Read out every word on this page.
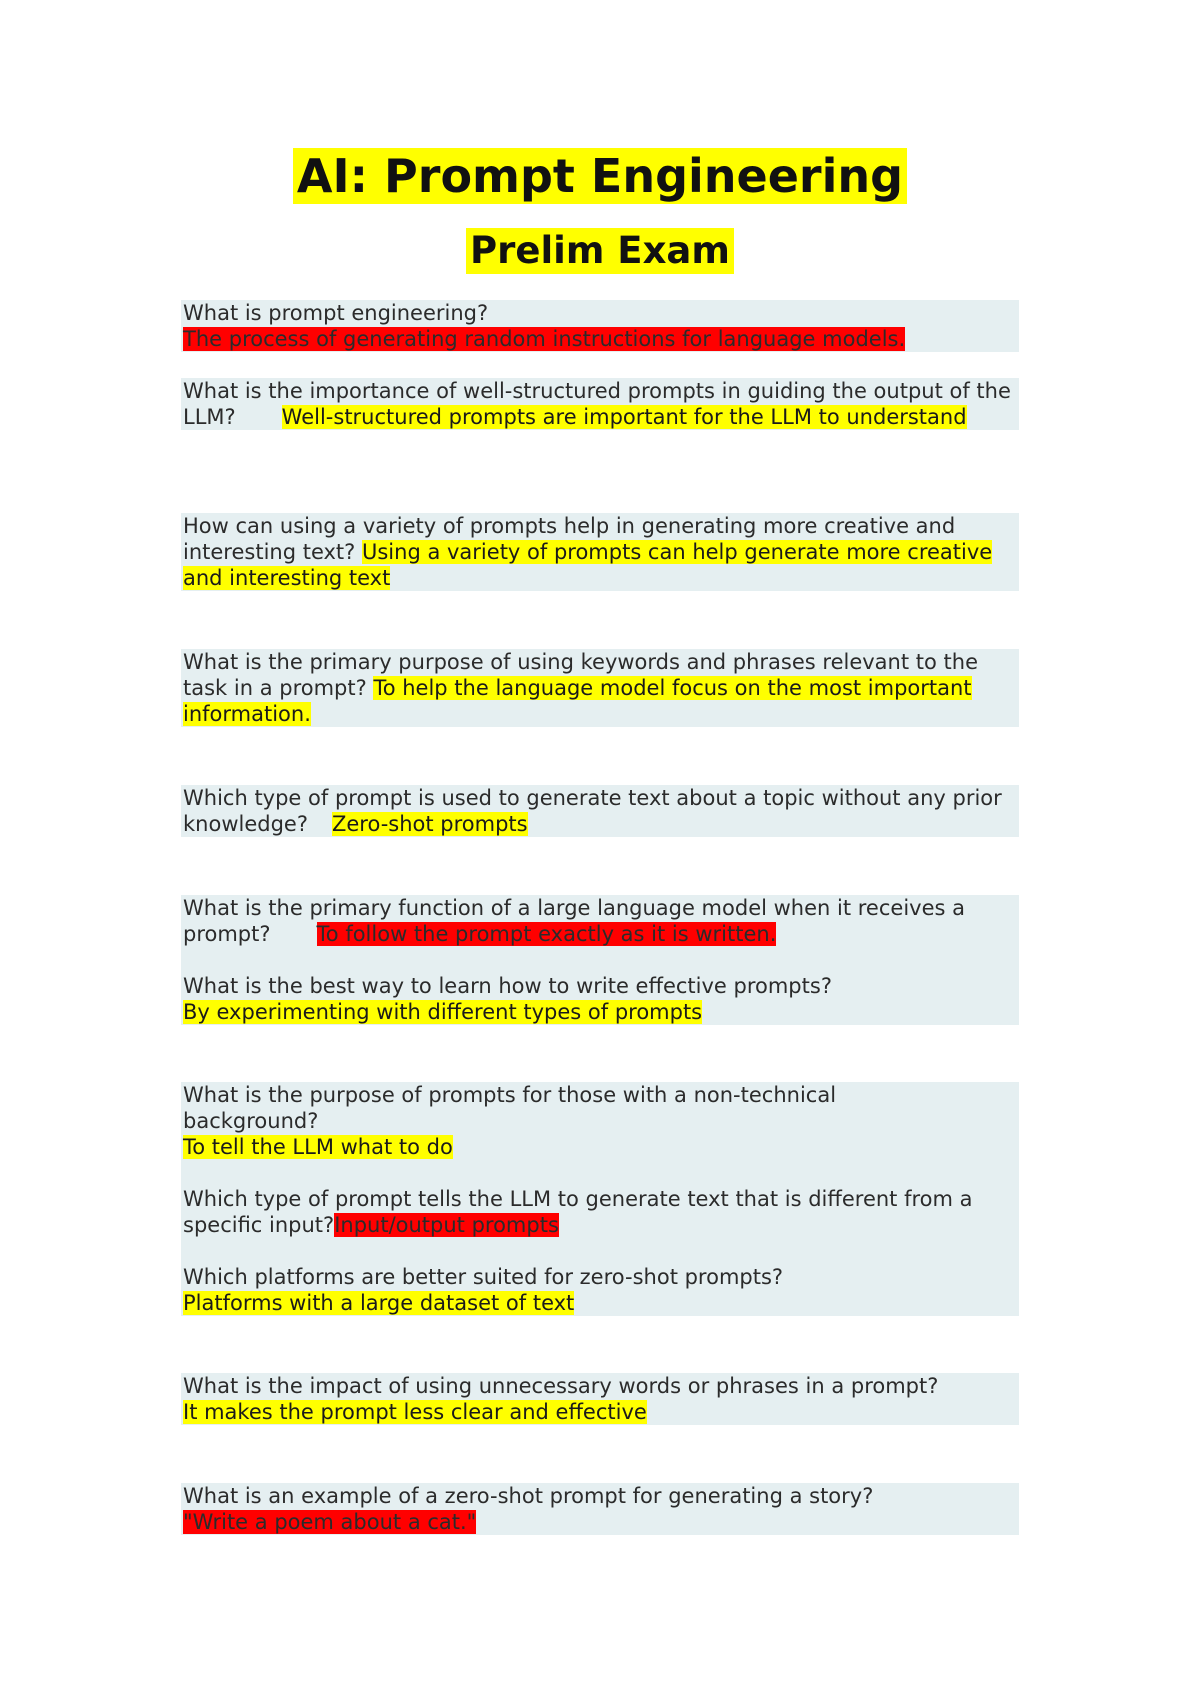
AI: Prompt Engineering
Prelim Exam
What is prompt engineering?
The process of generating random instructions for language models.
What is the importance of well-structured prompts in guiding the output of the LLM? Well-structured prompts are important for the LLM to understand
How can using a variety of prompts help in generating more creative and interesting text? Using a variety of prompts can help generate more creative and interesting text
What is the primary purpose of using keywords and phrases relevant to the task in a prompt? To help the language model focus on the most important information.
Which type of prompt is used to generate text about a topic without any prior knowledge? Zero-shot prompts
What is the primary function of a large language model when it receives a prompt? To follow the prompt exactly as it is written.
What is the best way to learn how to write effective prompts?
By experimenting with different types of prompts
What is the purpose of prompts for those with a non-technical background?
To tell the LLM what to do
Which type of prompt tells the LLM to generate text that is different from a specific input?Input/output prompts
Which platforms are better suited for zero-shot prompts?
Platforms with a large dataset of text
What is the impact of using unnecessary words or phrases in a prompt?
It makes the prompt less clear and effective
What is an example of a zero-shot prompt for generating a story?
"Write a poem about a cat."
